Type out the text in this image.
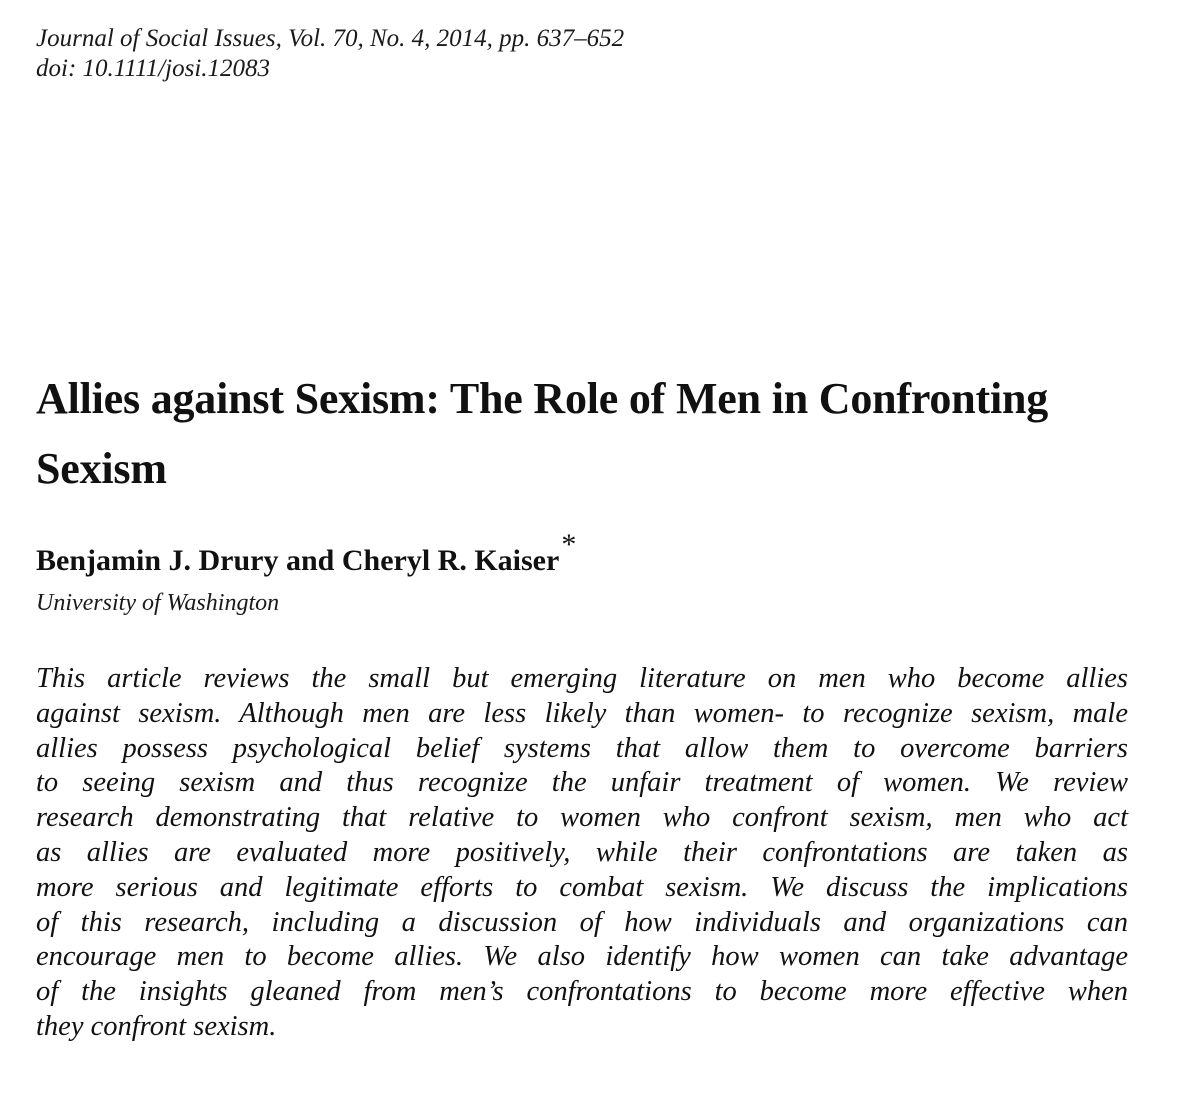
Journal of Social Issues, Vol. 70, No. 4, 2014, pp. 637–652
doi: 10.1111/josi.12083
Allies against Sexism: The Role of Men in Confronting
Sexism
Benjamin J. Drury and Cheryl R. Kaiser*
University of Washington
This article reviews the small but emerging literature on men who become allies
against sexism. Although men are less likely than women- to recognize sexism, male
allies possess psychological belief systems that allow them to overcome barriers
to seeing sexism and thus recognize the unfair treatment of women. We review
research demonstrating that relative to women who confront sexism, men who act
as allies are evaluated more positively, while their confrontations are taken as
more serious and legitimate efforts to combat sexism. We discuss the implications
of this research, including a discussion of how individuals and organizations can
encourage men to become allies. We also identify how women can take advantage
of the insights gleaned from men’s confrontations to become more effective when
they confront sexism.
